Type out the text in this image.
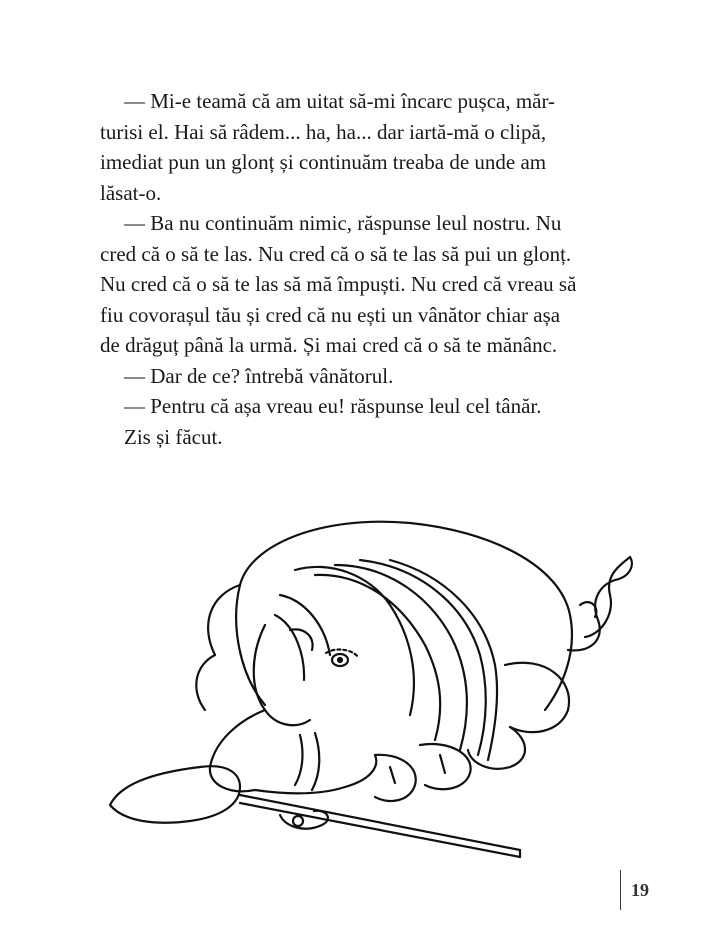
— Mi-e teamă că am uitat să-mi încarc pușca, măr-
turisi el. Hai să râdem... ha, ha... dar iartă-mă o clipă,
imediat pun un glonț și continuăm treaba de unde am
lăsat-o.

— Ba nu continuăm nimic, răspunse leul nostru. Nu
cred că o să te las. Nu cred că o să te las să pui un glonț.
Nu cred că o să te las să mă împuști. Nu cred că vreau să
fiu covorașul tău și cred că nu ești un vânător chiar așa
de drăguț până la urmă. Și mai cred că o să te mănânc.

— Dar de ce? întrebă vânătorul.

— Pentru că așa vreau eu! răspunse leul cel tânăr.

Zis și făcut.

19
